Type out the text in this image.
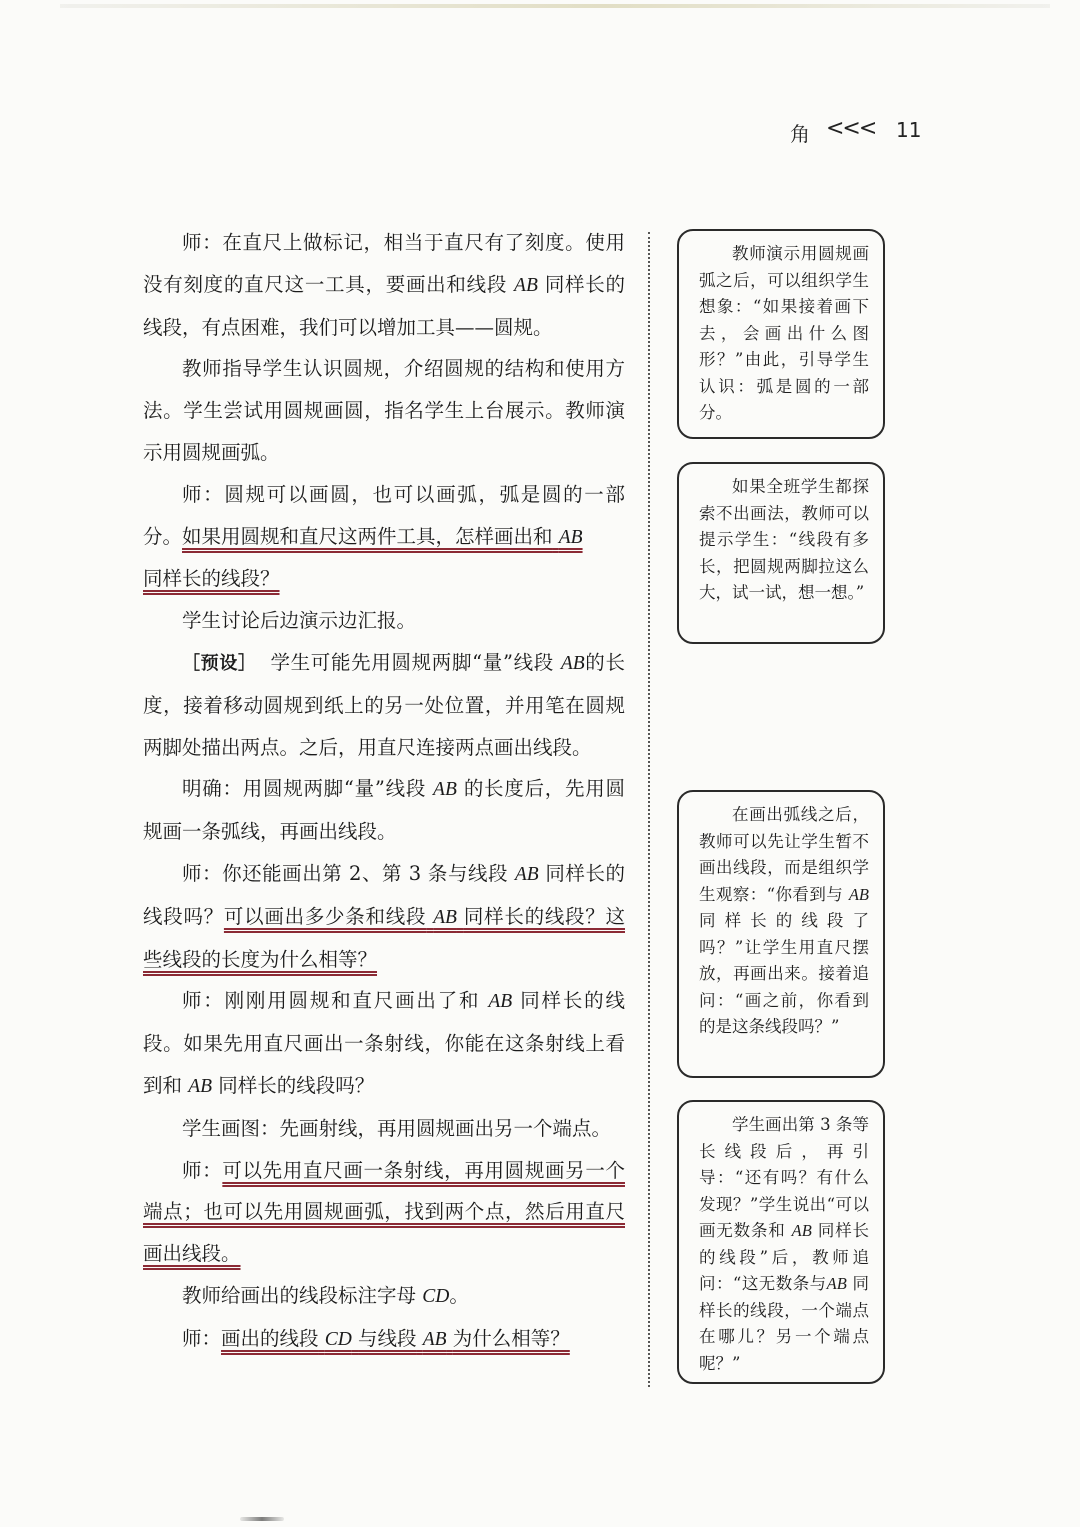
角 <<< 11

师：在直尺上做标记，相当于直尺有了刻度。使用没有刻度的直尺这一工具，要画出和线段 AB 同样长的线段，有点困难，我们可以增加工具——圆规。

教师指导学生认识圆规，介绍圆规的结构和使用方法。学生尝试用圆规画圆，指名学生上台展示。教师演示用圆规画弧。

师：圆规可以画圆，也可以画弧，弧是圆的一部分。如果用圆规和直尺这两件工具，怎样画出和 AB
同样长的线段？

学生讨论后边演示边汇报。

［预设］ 学生可能先用圆规两脚“量”线段 AB的长度，接着移动圆规到纸上的另一处位置，并用笔在圆规两脚处描出两点。之后，用直尺连接两点画出线段。

明确：用圆规两脚“量”线段 AB 的长度后，先用圆规画一条弧线，再画出线段。

师：你还能画出第 2、第 3 条与线段 AB 同样长的线段吗？可以画出多少条和线段 AB 同样长的线段？这些线段的长度为什么相等？

师：刚刚用圆规和直尺画出了和 AB 同样长的线段。如果先用直尺画出一条射线，你能在这条射线上看到和 AB 同样长的线段吗？

学生画图：先画射线，再用圆规画出另一个端点。

师：可以先用直尺画一条射线，再用圆规画另一个端点；也可以先用圆规画弧，找到两个点，然后用直尺画出线段。

教师给画出的线段标注字母 CD。

师：画出的线段 CD 与线段 AB 为什么相等？

教师演示用圆规画弧之后，可以组织学生想象：“如果接着画下去，会画出什么图形？”由此，引导学生认识：弧是圆的一部分。

如果全班学生都探索不出画法，教师可以提示学生：“线段有多长，把圆规两脚拉这么大，试一试，想一想。”

在画出弧线之后，教师可以先让学生暂不画出线段，而是组织学生观察：“你看到与 AB 同样长的线段了吗？”让学生用直尺摆放，再画出来。接着追问：“画之前，你看到的是这条线段吗？”

学生画出第 3 条等长线段后，再引导：“还有吗？有什么发现？”学生说出“可以画无数条和 AB 同样长的线段”后，教师追问：“这无数条与AB 同样长的线段，一个端点在哪儿？另一个端点呢？”
